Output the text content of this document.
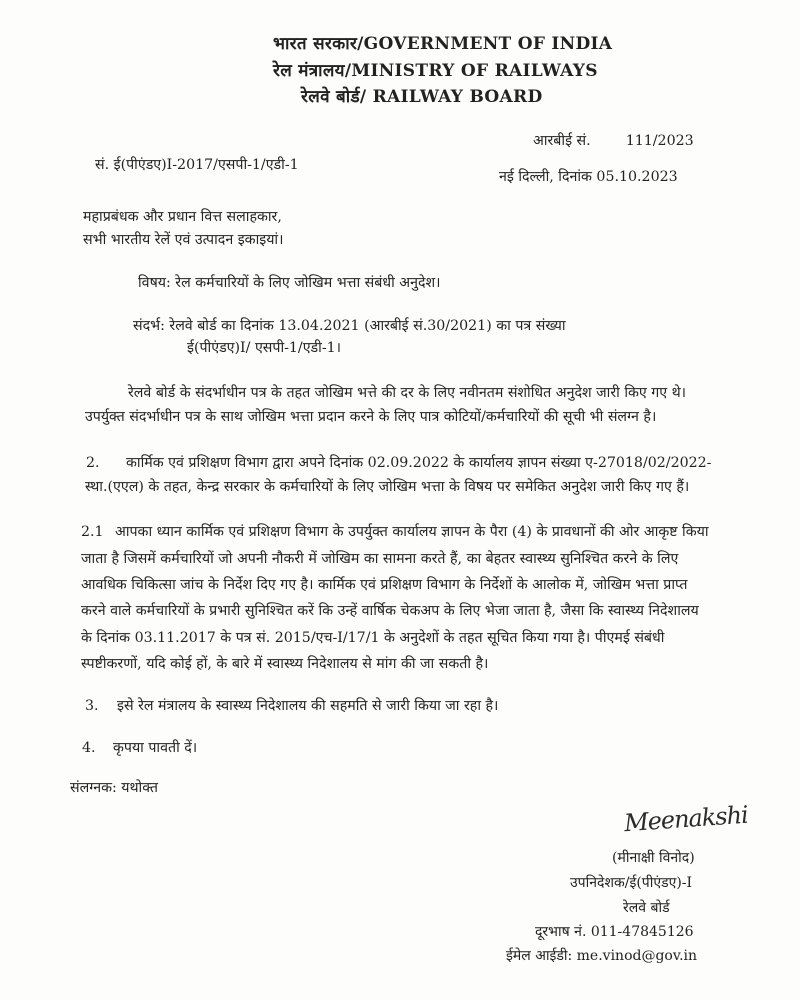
भारत सरकार/GOVERNMENT OF INDIA
रेल मंत्रालय/MINISTRY OF RAILWAYS
रेलवे बोर्ड/ RAILWAY BOARD
आरबीई सं. 111/2023
सं. ई(पीएंडए)I-2017/एसपी-1/एडी-1
नई दिल्ली, दिनांक 05.10.2023
महाप्रबंधक और प्रधान वित्त सलाहकार,
सभी भारतीय रेलें एवं उत्पादन इकाइयां।
विषय: रेल कर्मचारियों के लिए जोखिम भत्ता संबंधी अनुदेश।
संदर्भ: रेलवे बोर्ड का दिनांक 13.04.2021 (आरबीई सं.30/2021) का पत्र संख्या
ई(पीएंडए)I/ एसपी-1/एडी-1।
रेलवे बोर्ड के संदर्भाधीन पत्र के तहत जोखिम भत्ते की दर के लिए नवीनतम संशोधित अनुदेश जारी किए गए थे।
उपर्युक्त संदर्भाधीन पत्र के साथ जोखिम भत्ता प्रदान करने के लिए पात्र कोटियों/कर्मचारियों की सूची भी संलग्न है।
2. कार्मिक एवं प्रशिक्षण विभाग द्वारा अपने दिनांक 02.09.2022 के कार्यालय ज्ञापन संख्या ए-27018/02/2022-
स्था.(एएल) के तहत, केन्द्र सरकार के कर्मचारियों के लिए जोखिम भत्ता के विषय पर समेकित अनुदेश जारी किए गए हैं।
2.1 आपका ध्यान कार्मिक एवं प्रशिक्षण विभाग के उपर्युक्त कार्यालय ज्ञापन के पैरा (4) के प्रावधानों की ओर आकृष्ट किया
जाता है जिसमें कर्मचारियों जो अपनी नौकरी में जोखिम का सामना करते हैं, का बेहतर स्वास्थ्य सुनिश्चित करने के लिए
आवधिक चिकित्सा जांच के निर्देश दिए गए है। कार्मिक एवं प्रशिक्षण विभाग के निर्देशों के आलोक में, जोखिम भत्ता प्राप्त
करने वाले कर्मचारियों के प्रभारी सुनिश्चित करें कि उन्हें वार्षिक चेकअप के लिए भेजा जाता है, जैसा कि स्वास्थ्य निदेशालय
के दिनांक 03.11.2017 के पत्र सं. 2015/एच-I/17/1 के अनुदेशों के तहत सूचित किया गया है। पीएमई संबंधी
स्पष्टीकरणों, यदि कोई हों, के बारे में स्वास्थ्य निदेशालय से मांग की जा सकती है।
3. इसे रेल मंत्रालय के स्वास्थ्य निदेशालय की सहमति से जारी किया जा रहा है।
4. कृपया पावती दें।
संलग्नक: यथोक्त
Meenakshi
(मीनाक्षी विनोद)
उपनिदेशक/ई(पीएंडए)-I
रेलवे बोर्ड
दूरभाष नं. 011-47845126
ईमेल आईडी: me.vinod@gov.in
